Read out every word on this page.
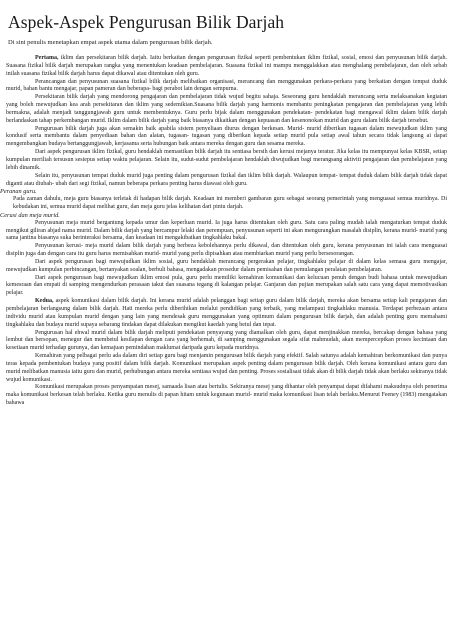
Aspek-Aspek Pengurusan Bilik Darjah

Di sini penulis menetapkan empat aspek utama dalam pengurusan bilik darjah.

Pertama, iklim dan persekitaran bilik darjah. Iaitu berkaitan dengan pengurusan fizikal seperti pembentukan iklim fizikal, sosial, emosi dan penyusunan bilik darjah. Suasana fizikal bilik darjah merupakan rangka yang menentukan keadaan pembelajaran. Suasana fizikal ini mampu menggalakkan atau menghalang pembelajaran, dan oleh sebab inilah suasana fizikal bilik darjah harus dapat dikawal atau ditentukan oleh guru.

Perancangan dan penyusunan suasana fizikal bilik darjah melibatkan organisasi, merancang dan menggunakan perkara-perkara yang berkaitan dengan tempat duduk murid, bahan bantu mengajar, papan pameran dan beberapa- bagi perabot lain dengan sempurna.

Persekitaran bilik darjah yang mendorong pengajaran dan pembelajaran tidak wujud begitu sahaja. Seseorang guru hendaklah merancang serta melaksanakan kegiatan yang boleh mewujudkan kea arah persekitaran dan iklim yang sedemikian.Suasana bilik darjah yang harmonis membantu peningkatan pengajaran dan pembelajaran yang lebih bermakna, adalah menjadi tanggungjawab guru untuk membentuknya. Guru perlu bijak dalam menggunakan pendekatan- pendekatan bagi mengawal iklim dalam bilik darjah berlandaskan tahap perkembangan murid. Iklim dalam bilik darjah yang baik biasanya dikaitkan dengan kepuasan dan kesenonokan murid dan guru dalam bilik darjah tersebut.

Pengurusan bilik darjah juga akan semakin baik apabila sistem penyeliaan diurus dengan berkesan. Murid- murid diberikan tugasan dalam mewujudkan iklim yang kondusif serta membantu dalam penyediaan bahan dan alatan, tugasan- tugasan yang diberikan kepada setiap murid pula setiap awal tahun secara tidak langsung ai dapat mengembangkan budaya bertanggungjawab, kerjasama serta hubungan baik antara mereka dengan guru dan sesama mereka.

Dari aspek pengurusan iklim fizikal, guru hendaklah memastikan bilik darjah itu sentiasa bersih dan kerusi mejanya teratur. Jika kelas itu mempunyai kelas KBSR, setiap kumpulan meriliah tersusun sesiepus setiap waktu pelajaran. Selain itu, sudut-sudut pembelajaran hendaklah diwujudkan bagi merangsang aktiviti pengajaran dan pembelajaran yang lebih dinamik.

Selain itu, penyusunan tempat duduk murid juga penting dalam pengurusan fizikal dan iklim bilik darjah. Walaupun tempat- tempat duduk dalam bilik darjah tidak dapat diganti atau diubah- ubah dari segi fizikal, namun beberapa perkara penting harus diawasi oleh guru.

Peranan guru.

Pada zaman dahulu, meja guru biasanya terletak di hadapan bilik darjah. Keadaan ini memberi gambaran guru sebagai seorang pemerintah yang menguasai semua muridnya. Di kebudakan ini, semua murid dapat melihat guru, dan meja guru jelas kelihatan dari pintu darjah.

Cerusi dan meja murid.

Penyusunan meja murid bergantung kepada umur dan keperluan murid. Ia juga harus ditentukan oleh guru. Satu cara paling mudah ialah mengaturkan tempat duduk mengikut giliran abjad nama murid. Dalam bilik darjah yang bercampur lelaki dan perempuan, penyusunan seperti ini akan mengurangkan masalah disiplin, kerana murid- murid yang sama jantina biasanya suka berinteraksi bersama, dan keadaan ini mengakibatkan tingkahlaku bakal.

Penyusunan kerusi- meja murid dalam bilik darjah yang berbeza kebolehannya perlu dikawal, dan ditentukan oleh guru, kerana penyusunan ini ialah cara menguasai disiplin juga dan dengan cara itu guru harus memisahkan murid- murid yang perlu dipisahkan atau membiarkan murid yang perlu bersesorangan.

Dari aspek pengurusan bagi mewujudkan iklim sosial, guru hendaklah merancang pergerakan pelajar, tingkahlaku pelajar di dalam kelas semasa guru mengajar, mewujudkan kumpulan perbincangan, bertanyakan soalan, berbuli bahasa, mengadakan prosedur dalam pemisahan dan pemulangan peralatan pembelajaran.

Dari aspek pengurusan bagi mewujudkan iklim emosi pula, guru perlu memiliki kemahiran komunikasi dan kelucuan penuh dengan budi bahasa untuk mewujudkan kemesraan dan empati di samping mengendurkan perasaan takut dan suasana tegang di kalangan pelajar. Ganjaran dan pujian merupakan salah satu cara yang dapat memotivasikan pelajar.

Kedua, aspek komunikasi dalam bilik darjah. Ini kerana murid adalah pelanggan bagi setiap guru dalam bilik darjah, mereka akan bersama setiap kali pengajaran dan pembelajaran berlangsung dalam bilik darjah. Hati mereka perlu diberihikan melalui pendidikan yang terbaik, yang melampaui tingkahlaku manusia. Terdapat perbezaan antara individu murid atau kumpulan murid dengan yang lain yang mendesak guru menggunakan yang optimum dalam pengurusan bilik darjah, dan adalah penting guru memahami tingkahlaku dan budaya murid supaya sebarang tindakan dapat dilakukan mengikut kaedah yang betul dan tepat.

Pengurusan hal ehwal murid dalam bilik darjah meliputi pendekatan penyayang yang diamalkan oleh guru, dapat menjinakkan mereka, bercakap dengan bahasa yang lembut dan bersopan, menegur dan membetul kesilapan dengan cara yang berhemah, di samping menggunakan segala sifat mahmudah, akan memperceptkan proses kecintaan dan kesetiaan murid terhadap gurunya, dan kemajuan pemindahan maklumat daripada guru kepada muridnya.

Kemahiran yang pelbagai perlu ada dalam diri setiap guru bagi menjamin pengurusan bilik darjah yang efektif. Salah satunya adalah kemahiran berkomunikasi dan punya teras kepada pembentukan budaya yang positif dalam bilik darjah. Komunikasi merupakan aspek penting dalam pengurusan bilik darjah. Oleh kerana komunikasi antara guru dan murid melibatkan manusia iaitu guru dan murid, perhubungan antara mereka sentiasa wujud dan penting. Proses sosialisasi tidak akan di bilik darjah tidak akan berlaku sekiranya tidak wujud komunikasi.

Komunikasi merupakan proses penyampaian mesej, samaada lisan atau bertulis. Sekiranya mesej yang dihantar oleh penyampai dapat difahami maksudnya oleh penerima maka komunikasi berkesan telah berlaku. Ketika guru menulis di papan hitam untuk kegunaan murid- murid maka komunikasi lisan telah berlaku.Menurut Feeney (1983) mengatakan bahawa
